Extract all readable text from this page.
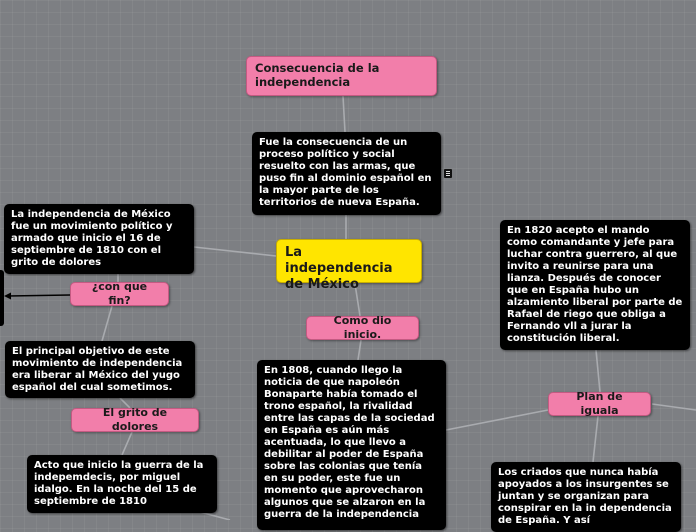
Consecuencia de la independencia
Fue la consecuencia de un proceso político y social resuelto con las armas, que puso fin al dominio español en la mayor parte de los territorios de nueva España.
La independencia de México
La independencia de México fue un movimiento político y armado que inicio el 16 de septiembre de 1810 con el grito de dolores
¿con que fin?
El principal objetivo de este movimiento de independencia era liberar al México del yugo español del cual sometimos.
El grito de dolores
Acto que inicio la guerra de la indepemdecis, por miguel idalgo. En la noche del 15 de septiembre de 1810
Como dio inicio.
En 1808, cuando llego la noticia de que napoleón Bonaparte había tomado el trono español, la rivalidad entre las capas de la sociedad en España es aún más acentuada, lo que llevo a debilitar al poder de España sobre las colonias que tenía en su poder, este fue un momento que aprovecharon algunos que se alzaron en la guerra de la independencia
Plan de iguala
En 1820 acepto el mando como comandante y jefe para luchar contra guerrero, al que invito a reunirse para una lianza. Después de conocer que en España hubo un alzamiento liberal por parte de Rafael de riego que obliga a Fernando vll a jurar la constitución liberal.
Los criados que nunca había apoyados a los insurgentes se juntan y se organizan para conspirar en la in dependencia de España. Y así
